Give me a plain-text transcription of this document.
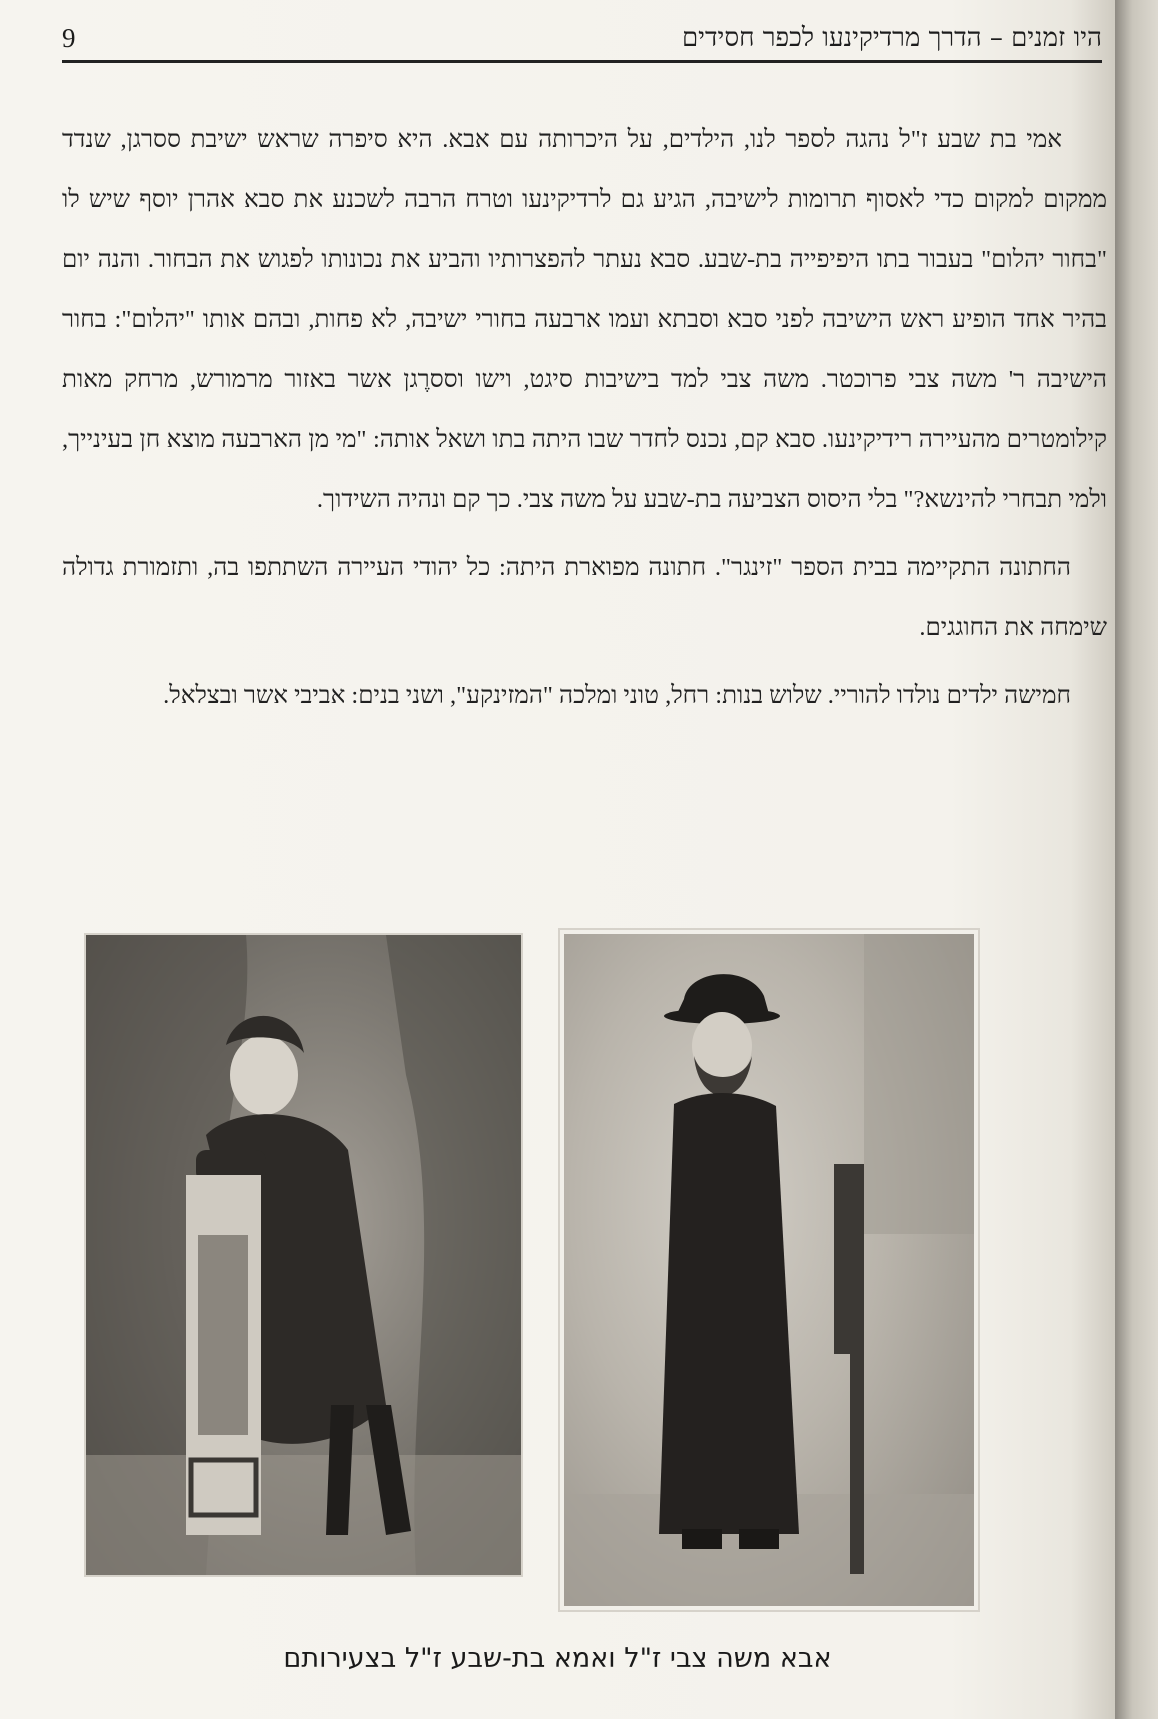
9	היו זמנים – הדרך מרדיקינעו לכפר חסידים

אמי בת שבע ז"ל נהגה לספר לנו, הילדים, על היכרותה עם אבא. היא סיפרה שראש ישיבת ססרגן, שנדד ממקום למקום כדי לאסוף תרומות לישיבה, הגיע גם לרדיקינעו וטרח הרבה לשכנע את סבא אהרן יוסף שיש לו "בחור יהלום" בעבור בתו היפיפייה בת-שבע. סבא נעתר להפצרותיו והביע את נכונותו לפגוש את הבחור. והנה יום בהיר אחד הופיע ראש הישיבה לפני סבא וסבתא ועמו ארבעה בחורי ישיבה, לא פחות, ובהם אותו "יהלום": בחור הישיבה ר' משה צבי פרוכטר. משה צבי למד בישיבות סיגט, וישו וססרֶגן אשר באזור מרמורש, מרחק מאות קילומטרים מהעיירה רידיקינעו. סבא קם, נכנס לחדר שבו היתה בתו ושאל אותה: "מי מן הארבעה מוצא חן בעינייך, ולמי תבחרי להינשא?" בלי היסוס הצביעה בת-שבע על משה צבי. כך קם ונהיה השידוך.

החתונה התקיימה בבית הספר "זינגר". חתונה מפוארת היתה: כל יהודי העיירה השתתפו בה, ותזמורת גדולה שימחה את החוגגים.

חמישה ילדים נולדו להוריי. שלוש בנות: רחל, טוני ומלכה "המזינקע", ושני בנים: אביבי אשר ובצלאל.

אבא משה צבי ז"ל ואמא בת-שבע ז"ל בצעירותם
